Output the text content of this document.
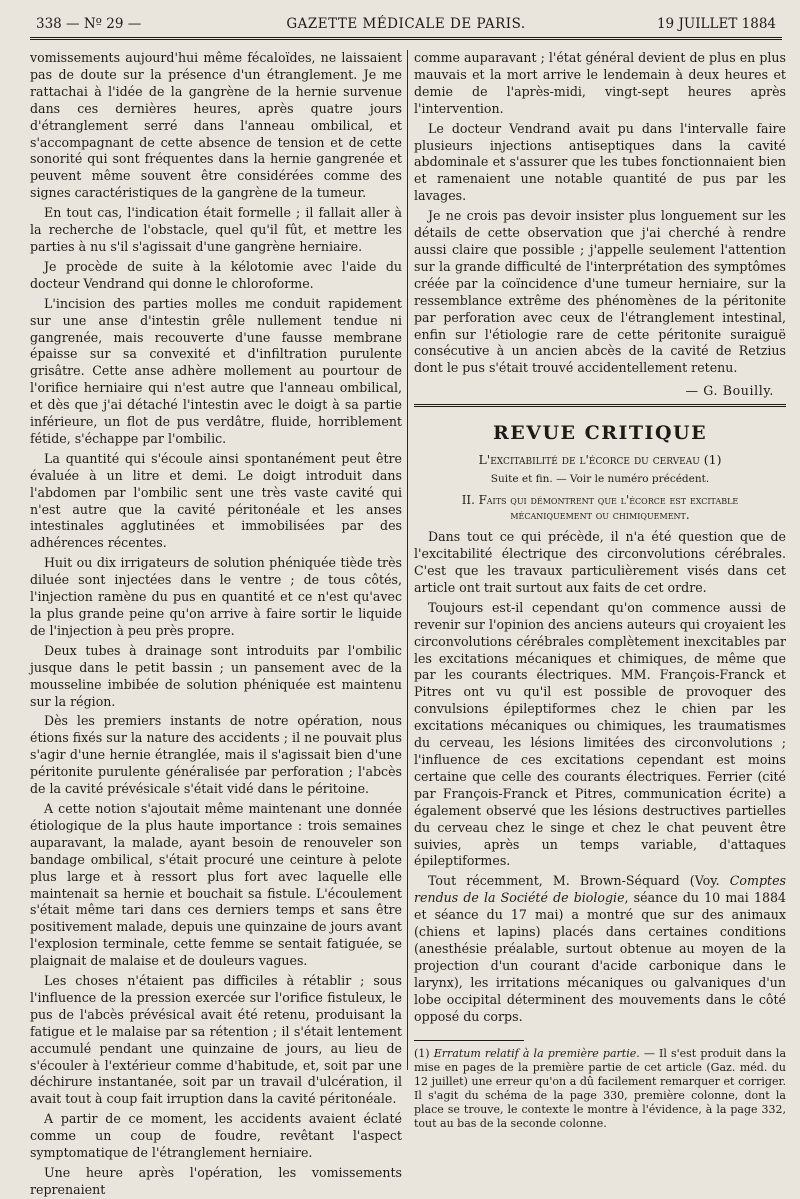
338 — Nº 29 —	GAZETTE MÉDICALE DE PARIS.	19 JUILLET 1884

vomissements aujourd'hui même fécaloïdes, ne laissaient pas de doute sur la présence d'un étranglement. Je me rattachai à l'idée de la gangrène de la hernie survenue dans ces dernières heures, après quatre jours d'étranglement serré dans l'anneau ombilical, et s'accompagnant de cette absence de tension et de cette sonorité qui sont fréquentes dans la hernie gangrenée et peuvent même souvent être considérées comme des signes caractéristiques de la gangrène de la tumeur.

En tout cas, l'indication était formelle ; il fallait aller à la recherche de l'obstacle, quel qu'il fût, et mettre les parties à nu s'il s'agissait d'une gangrène herniaire.

Je procède de suite à la kélotomie avec l'aide du docteur Vendrand qui donne le chloroforme.

L'incision des parties molles me conduit rapidement sur une anse d'intestin grêle nullement tendue ni gangrenée, mais recouverte d'une fausse membrane épaisse sur sa convexité et d'infiltration purulente grisâtre. Cette anse adhère mollement au pourtour de l'orifice herniaire qui n'est autre que l'anneau ombilical, et dès que j'ai détaché l'intestin avec le doigt à sa partie inférieure, un flot de pus verdâtre, fluide, horriblement fétide, s'échappe par l'ombilic.

La quantité qui s'écoule ainsi spontanément peut être évaluée à un litre et demi. Le doigt introduit dans l'abdomen par l'ombilic sent une très vaste cavité qui n'est autre que la cavité péritonéale et les anses intestinales agglutinées et immobilisées par des adhérences récentes.

Huit ou dix irrigateurs de solution phéniquée tiède très diluée sont injectées dans le ventre ; de tous côtés, l'injection ramène du pus en quantité et ce n'est qu'avec la plus grande peine qu'on arrive à faire sortir le liquide de l'injection à peu près propre.

Deux tubes à drainage sont introduits par l'ombilic jusque dans le petit bassin ; un pansement avec de la mousseline imbibée de solution phéniquée est maintenu sur la région.

Dès les premiers instants de notre opération, nous étions fixés sur la nature des accidents ; il ne pouvait plus s'agir d'une hernie étranglée, mais il s'agissait bien d'une péritonite purulente généralisée par perforation ; l'abcès de la cavité prévésicale s'était vidé dans le péritoine.

A cette notion s'ajoutait même maintenant une donnée étiologique de la plus haute importance : trois semaines auparavant, la malade, ayant besoin de renouveler son bandage ombilical, s'était procuré une ceinture à pelote plus large et à ressort plus fort avec laquelle elle maintenait sa hernie et bouchait sa fistule. L'écoulement s'était même tari dans ces derniers temps et sans être positivement malade, depuis une quinzaine de jours avant l'explosion terminale, cette femme se sentait fatiguée, se plaignait de malaise et de douleurs vagues.

Les choses n'étaient pas difficiles à rétablir ; sous l'influence de la pression exercée sur l'orifice fistuleux, le pus de l'abcès prévésical avait été retenu, produisant la fatigue et le malaise par sa rétention ; il s'était lentement accumulé pendant une quinzaine de jours, au lieu de s'écouler à l'extérieur comme d'habitude, et, soit par une déchirure instantanée, soit par un travail d'ulcération, il avait tout à coup fait irruption dans la cavité péritonéale.

A partir de ce moment, les accidents avaient éclaté comme un coup de foudre, revêtant l'aspect symptomatique de l'étranglement herniaire.

Une heure après l'opération, les vomissements reprenaient

comme auparavant ; l'état général devient de plus en plus mauvais et la mort arrive le lendemain à deux heures et demie de l'après-midi, vingt-sept heures après l'intervention.

Le docteur Vendrand avait pu dans l'intervalle faire plusieurs injections antiseptiques dans la cavité abdominale et s'assurer que les tubes fonctionnaient bien et ramenaient une notable quantité de pus par les lavages.

Je ne crois pas devoir insister plus longuement sur les détails de cette observation que j'ai cherché à rendre aussi claire que possible ; j'appelle seulement l'attention sur la grande difficulté de l'interprétation des symptômes créée par la coïncidence d'une tumeur herniaire, sur la ressemblance extrême des phénomènes de la péritonite par perforation avec ceux de l'étranglement intestinal, enfin sur l'étiologie rare de cette péritonite suraiguë consécutive à un ancien abcès de la cavité de Retzius dont le pus s'était trouvé accidentellement retenu.

— G. Bouilly.
REVUE CRITIQUE
L'excitabilité de l'écorce du cerveau (1)
Suite et fin. — Voir le numéro précédent.
II. Faits qui démontrent que l'écorce est excitable mécaniquement ou chimiquement.

Dans tout ce qui précède, il n'a été question que de l'excitabilité électrique des circonvolutions cérébrales. C'est que les travaux particulièrement visés dans cet article ont trait surtout aux faits de cet ordre.

Toujours est-il cependant qu'on commence aussi de revenir sur l'opinion des anciens auteurs qui croyaient les circonvolutions cérébrales complètement inexcitables par les excitations mécaniques et chimiques, de même que par les courants électriques. MM. François-Franck et Pitres ont vu qu'il est possible de provoquer des convulsions épileptiformes chez le chien par les excitations mécaniques ou chimiques, les traumatismes du cerveau, les lésions limitées des circonvolutions ; l'influence de ces excitations cependant est moins certaine que celle des courants électriques. Ferrier (cité par François-Franck et Pitres, communication écrite) a également observé que les lésions destructives partielles du cerveau chez le singe et chez le chat peuvent être suivies, après un temps variable, d'attaques épileptiformes.

Tout récemment, M. Brown-Séquard (Voy. Comptes rendus de la Société de biologie, séance du 10 mai 1884 et séance du 17 mai) a montré que sur des animaux (chiens et lapins) placés dans certaines conditions (anesthésie préalable, surtout obtenue au moyen de la projection d'un courant d'acide carbonique dans le larynx), les irritations mécaniques ou galvaniques d'un lobe occipital déterminent des mouvements dans le côté opposé du corps.

(1) Erratum relatif à la première partie. — Il s'est produit dans la mise en pages de la première partie de cet article (Gaz. méd. du 12 juillet) une erreur qu'on a dû facilement remarquer et corriger. Il s'agit du schéma de la page 330, première colonne, dont la place se trouve, le contexte le montre à l'évidence, à la page 332, tout au bas de la seconde colonne.
